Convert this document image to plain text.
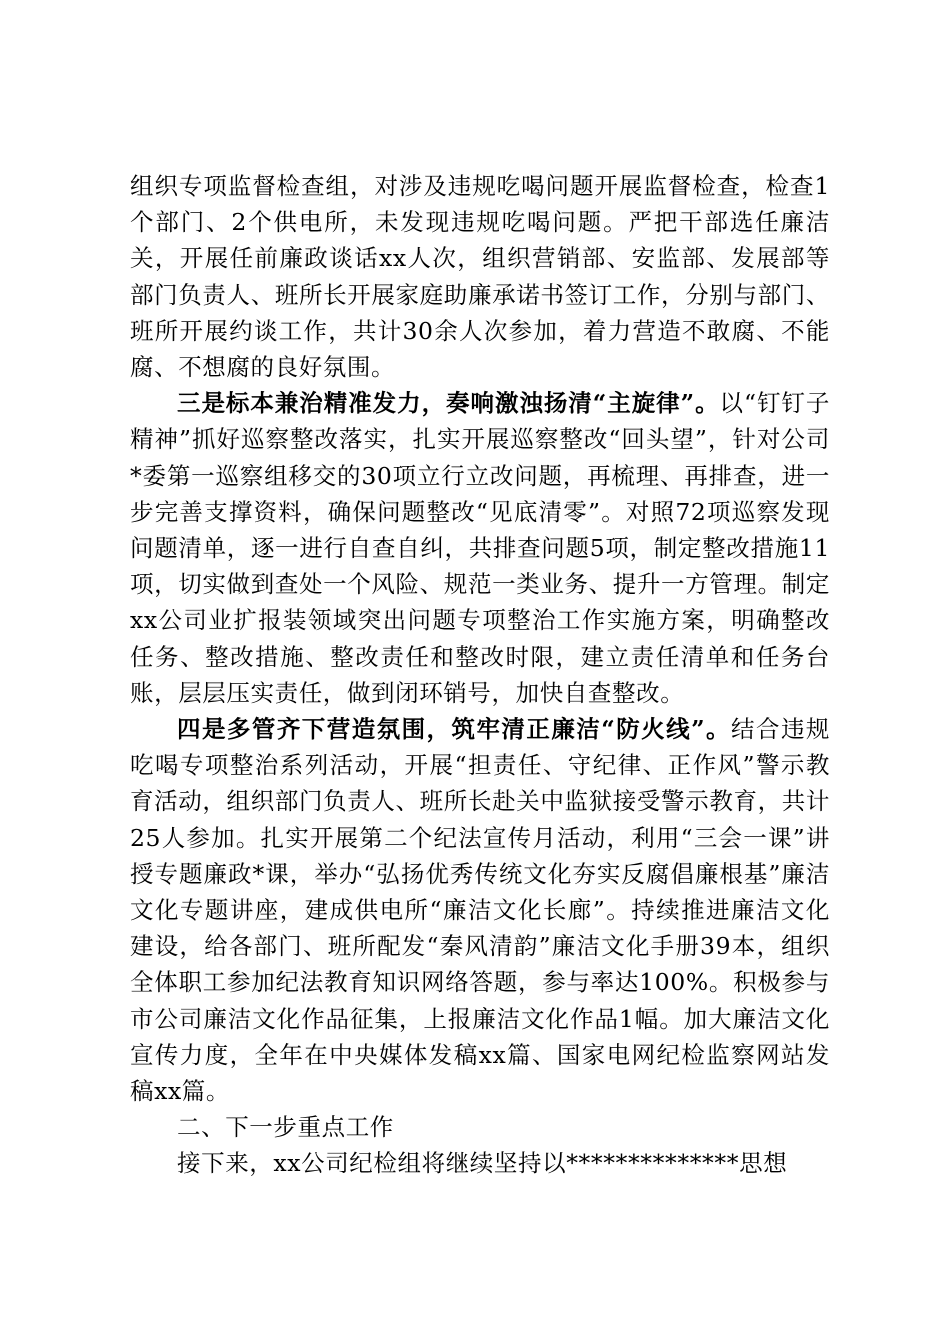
组织专项监督检查组，对涉及违规吃喝问题开展监督检查，检查1个部门、2个供电所，未发现违规吃喝问题。严把干部选任廉洁关，开展任前廉政谈话xx人次，组织营销部、安监部、发展部等部门负责人、班所长开展家庭助廉承诺书签订工作，分别与部门、班所开展约谈工作，共计30余人次参加，着力营造不敢腐、不能腐、不想腐的良好氛围。

三是标本兼治精准发力，奏响激浊扬清“主旋律”。以“钉钉子精神”抓好巡察整改落实，扎实开展巡察整改“回头望”，针对公司*委第一巡察组移交的30项立行立改问题，再梳理、再排查，进一步完善支撑资料，确保问题整改“见底清零”。对照72项巡察发现问题清单，逐一进行自查自纠，共排查问题5项，制定整改措施11项，切实做到查处一个风险、规范一类业务、提升一方管理。制定xx公司业扩报装领域突出问题专项整治工作实施方案，明确整改任务、整改措施、整改责任和整改时限，建立责任清单和任务台账，层层压实责任，做到闭环销号，加快自查整改。

四是多管齐下营造氛围，筑牢清正廉洁“防火线”。结合违规吃喝专项整治系列活动，开展“担责任、守纪律、正作风”警示教育活动，组织部门负责人、班所长赴关中监狱接受警示教育，共计25人参加。扎实开展第二个纪法宣传月活动，利用“三会一课”讲授专题廉政*课，举办“弘扬优秀传统文化夯实反腐倡廉根基”廉洁文化专题讲座，建成供电所“廉洁文化长廊”。持续推进廉洁文化建设，给各部门、班所配发“秦风清韵”廉洁文化手册39本，组织全体职工参加纪法教育知识网络答题，参与率达100%。积极参与市公司廉洁文化作品征集，上报廉洁文化作品1幅。加大廉洁文化宣传力度，全年在中央媒体发稿xx篇、国家电网纪检监察网站发稿xx篇。

二、下一步重点工作

接下来，xx公司纪检组将继续坚持以**************思想
